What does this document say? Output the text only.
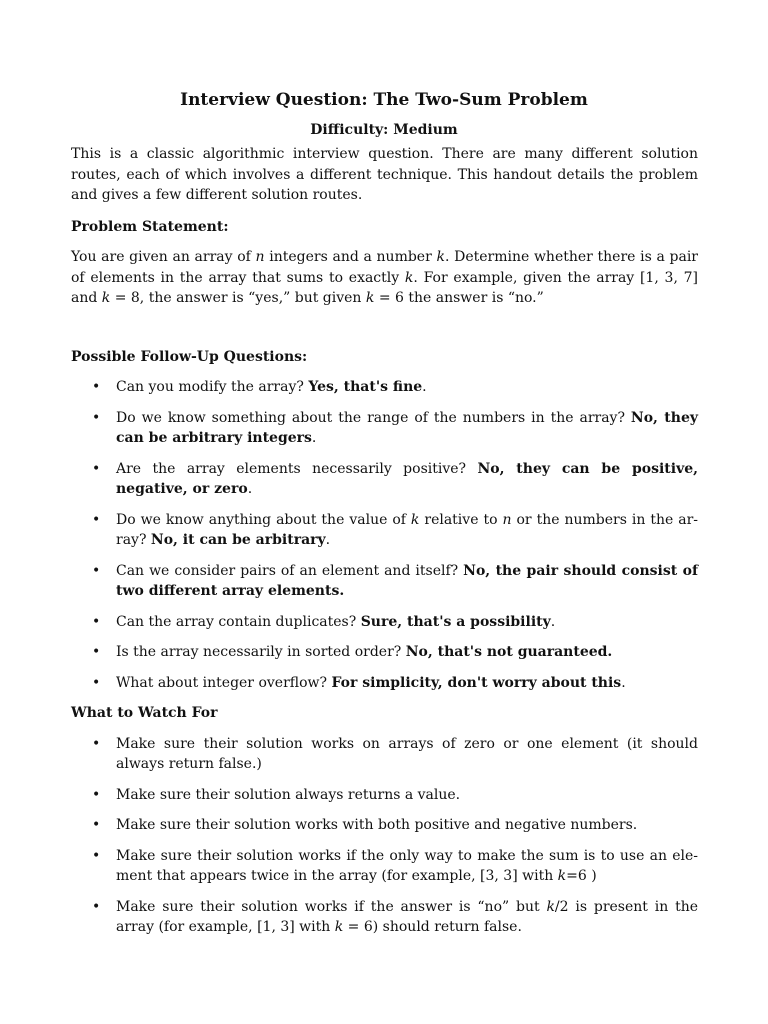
Interview Question: The Two-Sum Problem
Difficulty: Medium

This is a classic algorithmic interview question. There are many different solution routes, each of which involves a different technique. This handout details the problem and gives a few different solution routes.

Problem Statement:

You are given an array of n integers and a number k. Determine whether there is a pair of elements in the array that sums to exactly k. For example, given the array [1, 3, 7] and k = 8, the answer is “yes,” but given k = 6 the answer is “no.”

Possible Follow-Up Questions:

• Can you modify the array? Yes, that's fine.
• Do we know something about the range of the numbers in the array? No, they can be arbitrary integers.
• Are the array elements necessarily positive? No, they can be positive, negative, or zero.
• Do we know anything about the value of k relative to n or the numbers in the ar-ray? No, it can be arbitrary.
• Can we consider pairs of an element and itself? No, the pair should consist of two different array elements.
• Can the array contain duplicates? Sure, that's a possibility.
• Is the array necessarily in sorted order? No, that's not guaranteed.
• What about integer overflow? For simplicity, don't worry about this.

What to Watch For

• Make sure their solution works on arrays of zero or one element (it should always return false.)
• Make sure their solution always returns a value.
• Make sure their solution works with both positive and negative numbers.
• Make sure their solution works if the only way to make the sum is to use an ele-ment that appears twice in the array (for example, [3, 3] with k=6 )
• Make sure their solution works if the answer is “no” but k/2 is present in the array (for example, [1, 3] with k = 6) should return false.
